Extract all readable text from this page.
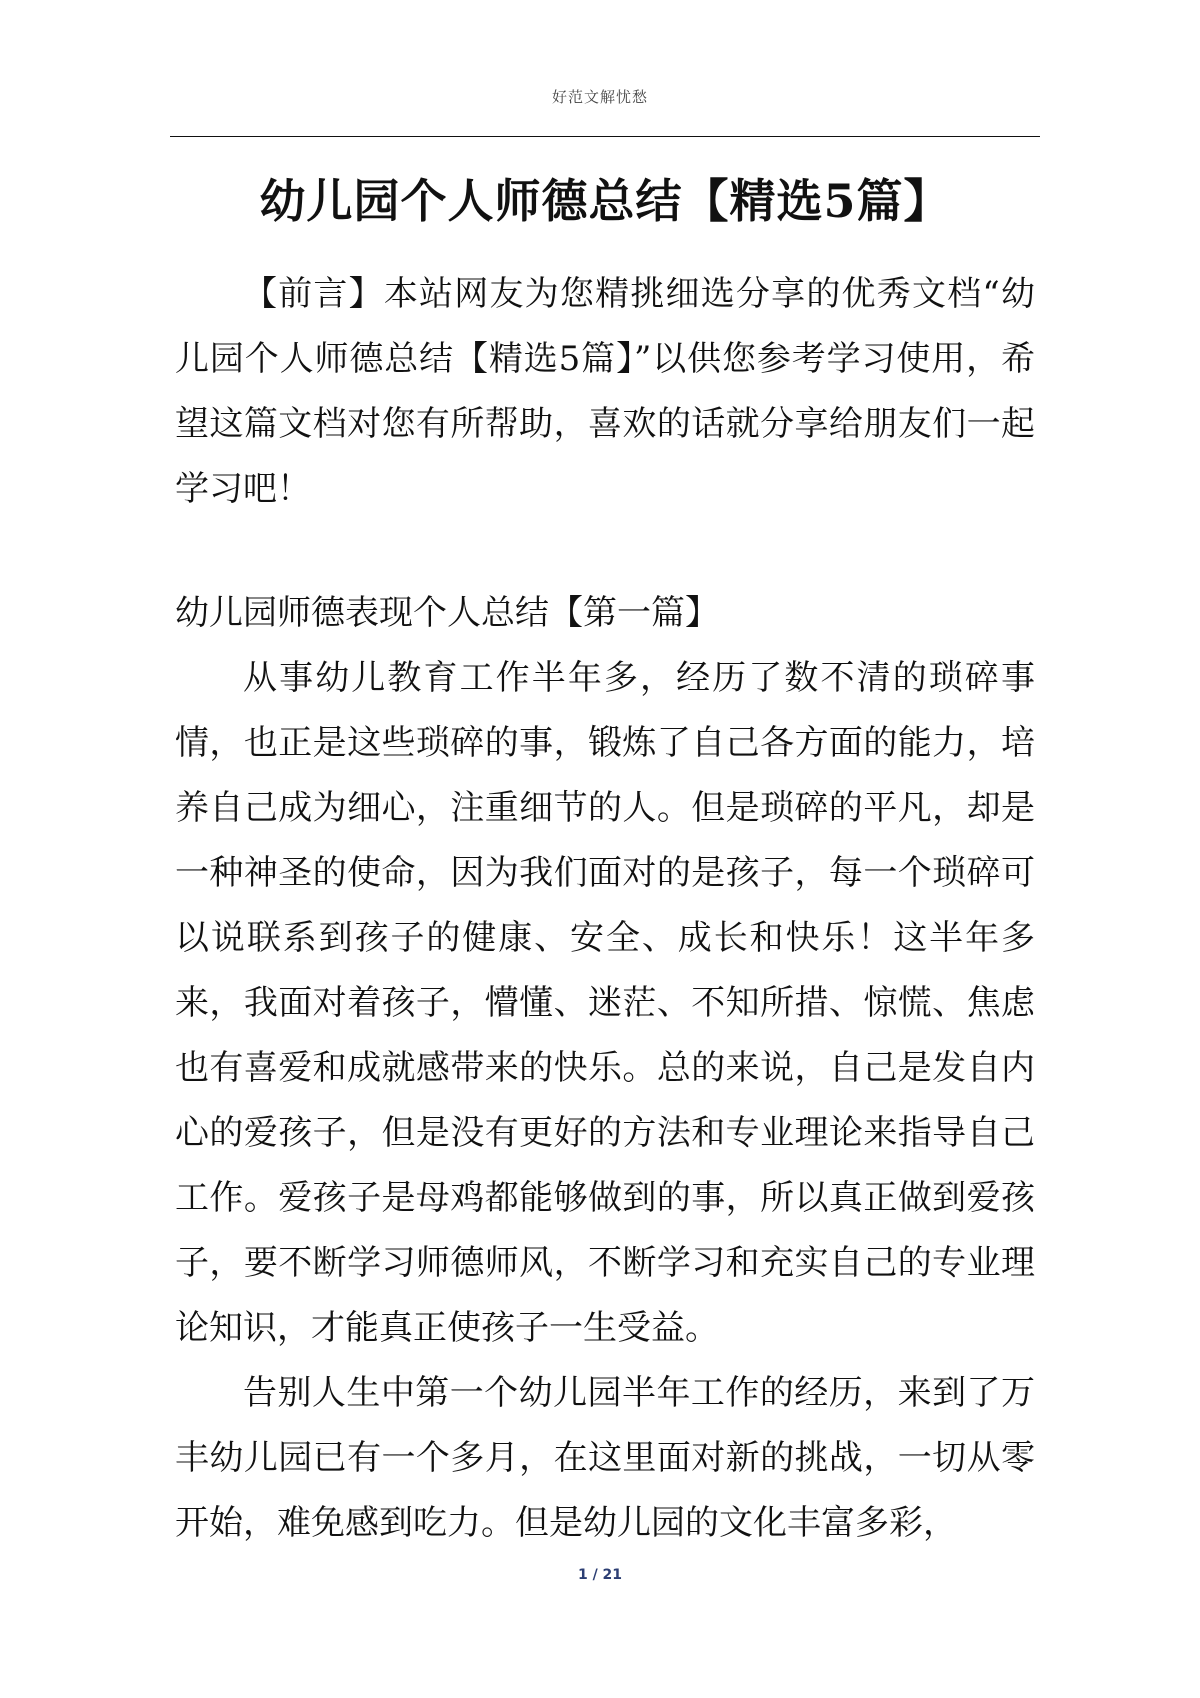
好范文解忧愁
幼儿园个人师德总结【精选5篇】

【前言】本站网友为您精挑细选分享的优秀文档“幼儿园个人师德总结【精选5篇】”以供您参考学习使用，希望这篇文档对您有所帮助，喜欢的话就分享给朋友们一起学习吧！

幼儿园师德表现个人总结【第一篇】

从事幼儿教育工作半年多，经历了数不清的琐碎事情，也正是这些琐碎的事，锻炼了自己各方面的能力，培养自己成为细心，注重细节的人。但是琐碎的平凡，却是一种神圣的使命，因为我们面对的是孩子，每一个琐碎可以说联系到孩子的健康、安全、成长和快乐！这半年多来，我面对着孩子，懵懂、迷茫、不知所措、惊慌、焦虑也有喜爱和成就感带来的快乐。总的来说，自己是发自内心的爱孩子，但是没有更好的方法和专业理论来指导自己工作。爱孩子是母鸡都能够做到的事，所以真正做到爱孩子，要不断学习师德师风，不断学习和充实自己的专业理论知识，才能真正使孩子一生受益。

告别人生中第一个幼儿园半年工作的经历，来到了万丰幼儿园已有一个多月，在这里面对新的挑战，一切从零开始，难免感到吃力。但是幼儿园的文化丰富多彩，

1 / 21
